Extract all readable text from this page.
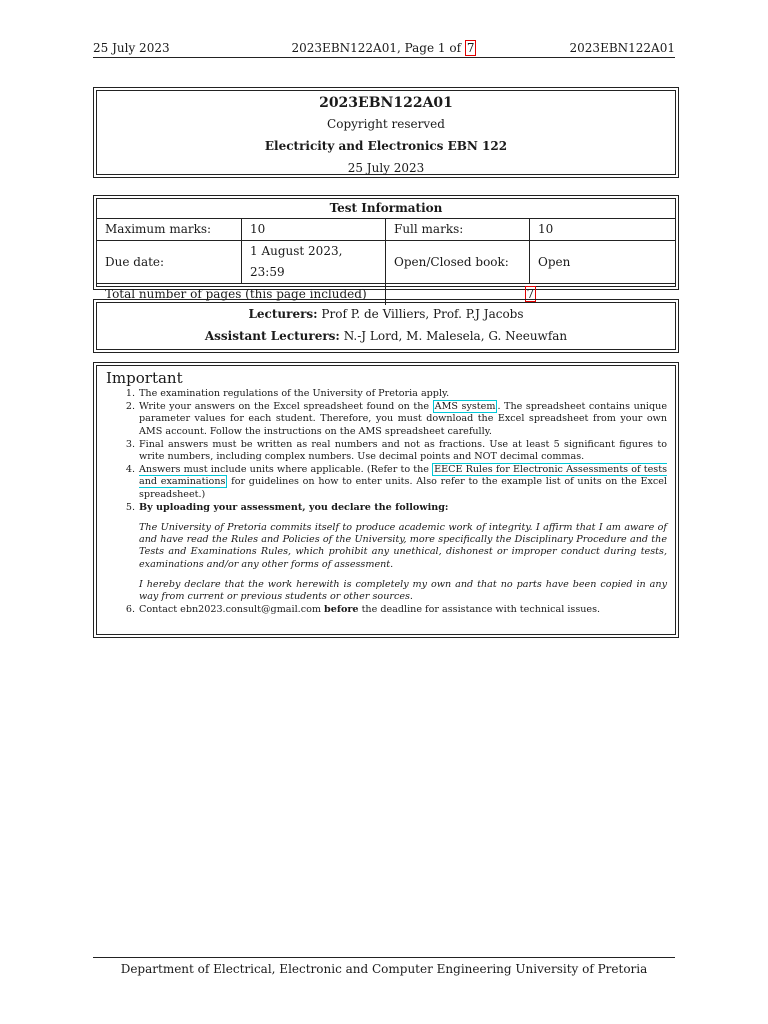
25 July 2023	2023EBN122A01, Page 1 of 7	2023EBN122A01
2023EBN122A01
Copyright reserved
Electricity and Electronics EBN 122
25 July 2023
Test Information			
Maximum marks:	10	Full marks:	10
Due date:	1 August 2023, 23:59	Open/Closed book:	Open
Total number of pages (this page included)		7	
Lecturers: Prof P. de Villiers, Prof. P.J Jacobs
Assistant Lecturers: N.-J Lord, M. Malesela, G. Neeuwfan
Important
1. The examination regulations of the University of Pretoria apply.
2. Write your answers on the Excel spreadsheet found on the AMS system . The spreadsheet contains unique parameter values for each student. Therefore, you must download the Excel spreadsheet from your own AMS account. Follow the instructions on the AMS spreadsheet carefully.
3. Final answers must be written as real numbers and not as fractions. Use at least 5 significant figures to write numbers, including complex numbers. Use decimal points and NOT decimal commas.
4. Answers must include units where applicable. (Refer to the EECE Rules for Electronic Assessments of tests and examinations for guidelines on how to enter units. Also refer to the example list of units on the Excel spreadsheet.)
5. By uploading your assessment, you declare the following:
The University of Pretoria commits itself to produce academic work of integrity. I affirm that I am aware of and have read the Rules and Policies of the University, more specifically the Disciplinary Procedure and the Tests and Examinations Rules, which prohibit any unethical, dishonest or improper conduct during tests, examinations and/or any other forms of assessment.
I hereby declare that the work herewith is completely my own and that no parts have been copied in any way from current or previous students or other sources.
6. Contact ebn2023.consult@gmail.com before the deadline for assistance with technical issues.
Department of Electrical, Electronic and Computer Engineering University of Pretoria
